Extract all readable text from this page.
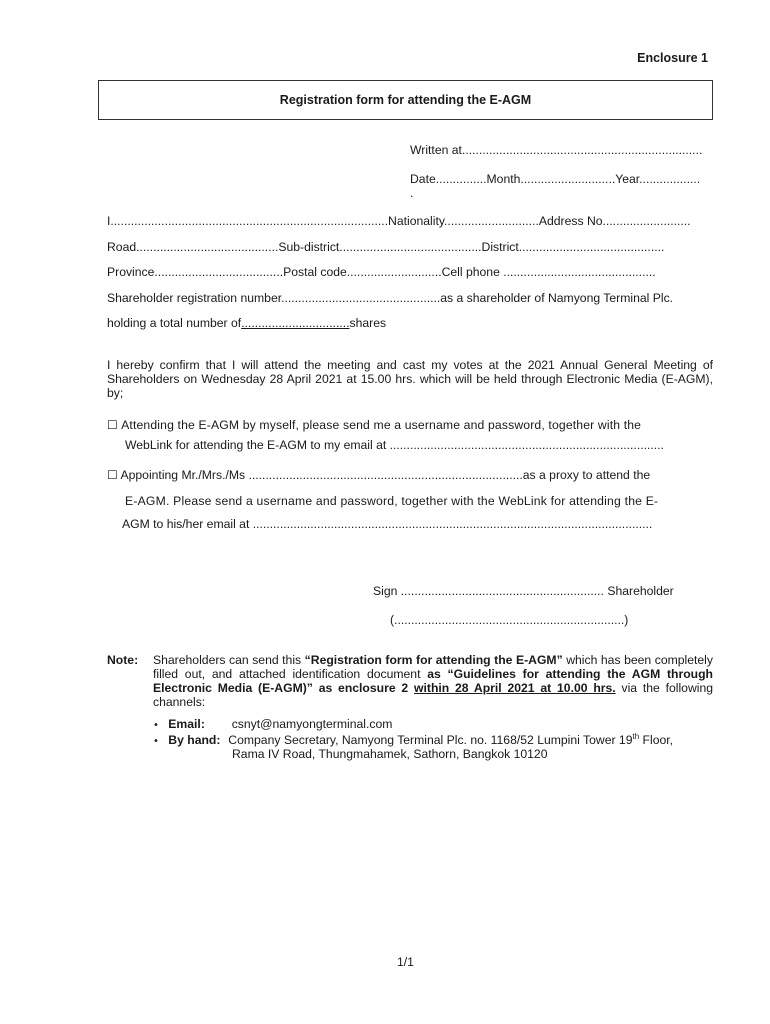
Enclosure 1
Registration form for attending the E-AGM
Written at.......................................................................
Date...............Month............................Year..................
.
I..................................................................................Nationality............................Address No..........................
Road..........................................Sub-district..........................................District...........................................
Province......................................Postal code............................Cell phone .............................................
Shareholder registration number...............................................as a shareholder of Namyong Terminal Plc.
holding a total number of................................shares
I hereby confirm that I will attend the meeting and cast my votes at the 2021 Annual General Meeting of Shareholders on Wednesday 28 April 2021 at 15.00 hrs. which will be held through Electronic Media (E-AGM), by;
☐ Attending the E-AGM by myself, please send me a username and password, together with the
WebLink for attending the E-AGM to my email at .................................................................................
☐ Appointing Mr./Mrs./Ms .................................................................................as a proxy to attend the
E-AGM. Please send a username and password, together with the WebLink for attending the E-
AGM to his/her email at ......................................................................................................................
Sign ............................................................ Shareholder
(....................................................................)
Note: Shareholders can send this “Registration form for attending the E-AGM” which has been completely filled out, and attached identification document as “Guidelines for attending the AGM through Electronic Media (E-AGM)” as enclosure 2 within 28 April 2021 at 10.00 hrs. via the following channels:
• Email: csnyt@namyongterminal.com
• By hand: Company Secretary, Namyong Terminal Plc. no. 1168/52 Lumpini Tower 19th Floor,
Rama IV Road, Thungmahamek, Sathorn, Bangkok 10120
1/1
